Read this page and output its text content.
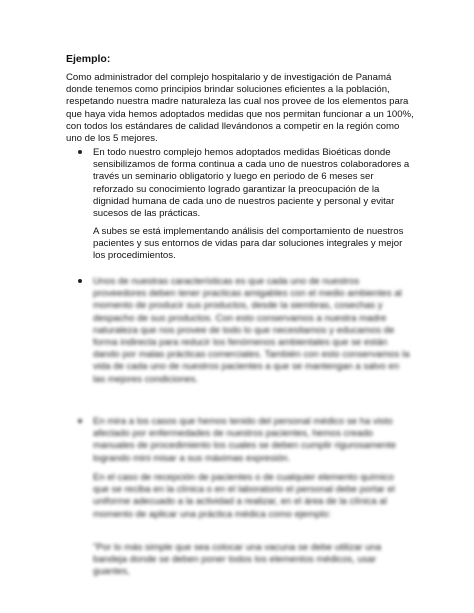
Ejemplo:

Como administrador del complejo hospitalario y de investigación de Panamá donde tenemos como principios brindar soluciones eficientes a la población, respetando nuestra madre naturaleza las cual nos provee de los elementos para que haya vida hemos adoptados medidas que nos permitan funcionar a un 100%, con todos los estándares de calidad llevándonos a competir en la región como uno de los 5 mejores.

En todo nuestro complejo hemos adoptados medidas Bioéticas donde sensibilizamos de forma continua a cada uno de nuestros colaboradores a través un seminario obligatorio y luego en periodo de 6 meses ser reforzado su conocimiento logrado garantizar la preocupación de la dignidad humana de cada uno de nuestros paciente y personal y evitar sucesos de las prácticas.

A subes se está implementando análisis del comportamiento de nuestros pacientes y sus entornos de vidas para dar soluciones integrales y mejor los procedimientos.

Unos de nuestras características es que cada uno de nuestros proveedores deben tener practicas amigables con el medio ambientes al momento de producir sus productos, desde la siembras, cosechas y despacho de sus productos. Con esto conservamos a nuestra madre naturaleza que nos provee de todo lo que necesitamos y educamos de forma indirecta para reducir los fenómenos ambientales que se están dando por malas prácticas comerciales. También con esto conservamos la vida de cada uno de nuestros pacientes a que se mantengan a salvo en las mejores condiciones.

En mira a los casos que hemos tenido del personal médico se ha visto afectado por enfermedades de nuestros pacientes, hemos creado manuales de procedimiento los cuales se deben cumplir rigurosamente logrando mini misar a sus máximas expresión.

En el caso de recepción de pacientes o de cualquier elemento químico que se reciba en la clínica o en el laboratorio el personal debe portar el uniforme adecuado a la actividad a realizar, en el área de la clínica al momento de aplicar una práctica médica como ejemplo:

"Por lo más simple que sea colocar una vacuna se debe utilizar una bandeja donde se deben poner todos los elementos médicos, usar guantes,
